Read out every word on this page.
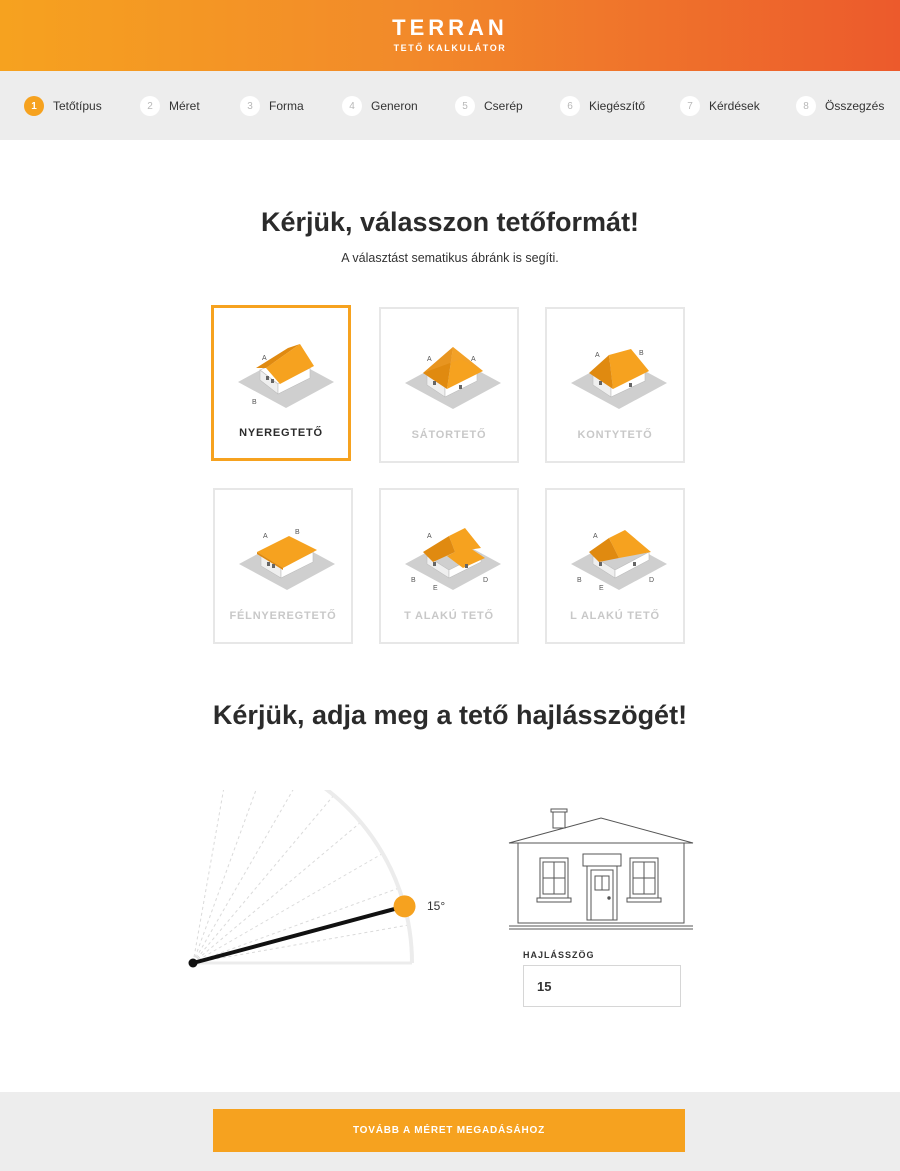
TERRAN
TETŐ KALKULÁTOR
1	Tetőtípus	2	Méret	3	Forma	4	Generon	5	Cserép	6	Kiegészítő	7	Kérdések	8	Összegzés
Kérjük, válasszon tetőformát!
A választást sematikus ábránk is segíti.
A
B
NYEREGTETŐ
A	A
SÁTORTETŐ
A	B
KONTYTETŐ
A
B
FÉLNYEREGTETŐ
A
B
E
D
T ALAKÚ TETŐ
A
B
E
D
L ALAKÚ TETŐ
Kérjük, adja meg a tető hajlásszögét!
15°
HAJLÁSSZÖG
15
TOVÁBB A MÉRET MEGADÁSÁHOZ
